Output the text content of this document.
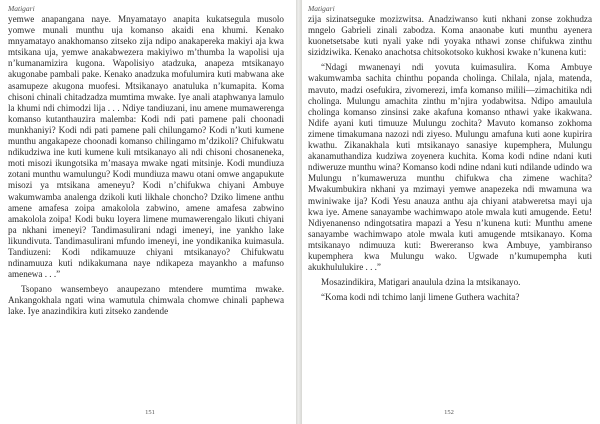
Matigari

yemwe anapangana naye. Mnyamatayo anapita kukatsegula musolo yomwe munali munthu uja komanso akaidi ena khumi. Kenako mnyamatayo anakhomanso zitseko zija ndipo anakapereka makiyi aja kwa mtsikana uja, yemwe anakabwezera makiyiwo m’thumba la wapolisi uja n’kumanamizira kugona. Wapolisiyo atadzuka, anapeza mtsikanayo akugonabe pambali pake. Kenako anadzuka mofulumira kuti mabwana ake asamupeze akugona muofesi. Mtsikanayo anatuluka n’kumapita. Koma chisoni chinali chitadzadza mumtima mwake. Iye anali ataphwanya lamulo la khumi ndi chimodzi lija . . . Ndiye tandiuzani, inu amene mumawerenga komanso kutanthauzira malemba: Kodi ndi pati pamene pali choonadi munkhaniyi? Kodi ndi pati pamene pali chilungamo? Kodi n’kuti kumene munthu angakapeze choonadi komanso chilingamo m’dzikoli? Chifukwatu ndikudziwa ine kuti kumene kuli mtsikanayo ali ndi chisoni chosaneneka, moti misozi ikungotsika m’masaya mwake ngati mitsinje. Kodi mundiuza zotani munthu wamulungu? Kodi mundiuza mawu otani omwe angapukute misozi ya mtsikana ameneyu? Kodi n’chifukwa chiyani Ambuye wakumwamba analenga dzikoli kuti likhale choncho? Dziko limene anthu amene amafesa zoipa amakolola zabwino, amene amafesa zabwino amakolola zoipa! Kodi buku loyera limene mumawerengalo likuti chiyani pa nkhani imeneyi? Tandimasulirani ndagi imeneyi, ine yankho lake likundivuta. Tandimasulirani mfundo imeneyi, ine yondikanika kuimasula. Tandiuzeni: Kodi ndikamuuze chiyani mtsikanayo? Chifukwatu ndinamuuza kuti ndikakumana naye ndikapeza mayankho a mafunso amenewa . . .”

Tsopano wansembeyo anaupezano mtendere mumtima mwake. Ankangokhala ngati wina wamutula chimwala chomwe chinali paphewa lake. Iye anazindikira kuti zitseko zandende

151
Matigari

zija sizinatseguke mozizwitsa. Anadziwanso kuti nkhani zonse zokhudza mngelo Gabrieli zinali zabodza. Koma anaonabe kuti munthu ayenera kuonetsetsabe kuti nyali yake ndi yoyaka nthawi zonse chifukwa zinthu sizidziwika. Kenako anachotsa chitsokotsoko kukhosi kwake n’kunena kuti:

“Ndagi mwanenayi ndi yovuta kuimasulira. Koma Ambuye wakumwamba sachita chinthu popanda cholinga. Chilala, njala, matenda, mavuto, madzi osefukira, zivomerezi, imfa komanso milili—zimachitika ndi cholinga. Mulungu amachita zinthu m’njira yodabwitsa. Ndipo amaulula cholinga komanso zinsinsi zake akafuna komanso nthawi yake ikakwana. Ndife ayani kuti timuuze Mulungu zochita? Mavuto komanso zokhoma zimene timakumana nazozi ndi ziyeso. Mulungu amafuna kuti aone kupirira kwathu. Zikanakhala kuti mtsikanayo sanasiye kupemphera, Mulungu akanamuthandiza kudziwa zoyenera kuchita. Koma kodi ndine ndani kuti ndiweruze munthu wina? Komanso kodi ndine ndani kuti ndilande udindo wa Mulungu n’kumaweruza munthu chifukwa cha zimene wachita? Mwakumbukira nkhani ya mzimayi yemwe anapezeka ndi mwamuna wa mwiniwake ija? Kodi Yesu anauza anthu aja chiyani atabweretsa mayi uja kwa iye. Amene sanayambe wachimwapo atole mwala kuti amugende. Eetu! Ndiyenanenso ndingotsatira mapazi a Yesu n’kunena kuti: Munthu amene sanayambe wachimwapo atole mwala kuti amugende mtsikanayo. Koma mtsikanayo ndimuuza kuti: Bwereranso kwa Ambuye, yambiranso kupemphera kwa Mulungu wako. Ugwade n’kumupempha kuti akukhululukire . . .”

Mosazindikira, Matigari anaulula dzina la mtsikanayo.

“Koma kodi ndi tchimo lanji limene Guthera wachita?

152
